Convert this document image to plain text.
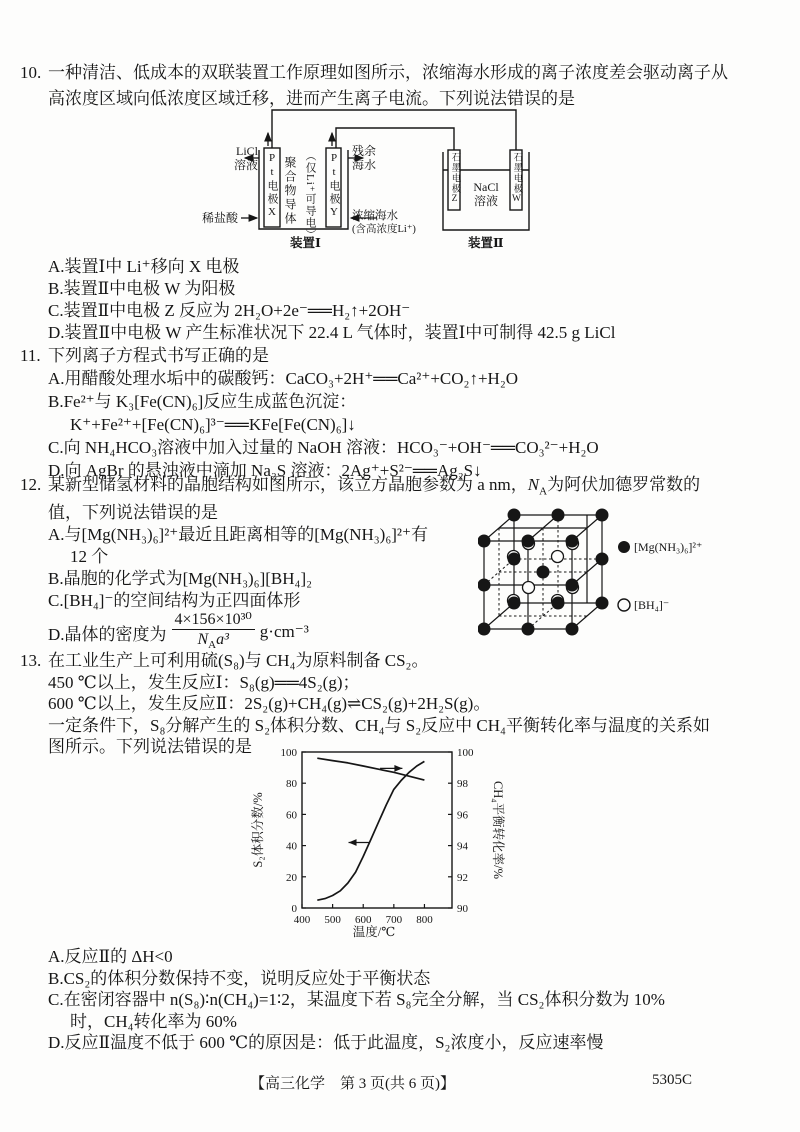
10. 一种清洁、低成本的双联装置工作原理如图所示，浓缩海水形成的离子浓度差会驱动离子从
高浓度区域向低浓度区域迁移，进而产生离子电流。下列说法错误的是
LiCl
溶液
稀盐酸	Pt电极X 聚合物导体 （仅Li⁺可导电） Pt电极Y
残余
海水
浓缩海水
(含高浓度Li⁺)
装置Ⅰ
石墨电极Z	NaCl
溶液	石墨电极W
装置Ⅱ
A.装置Ⅰ中 Li⁺移向 X 电极
B.装置Ⅱ中电极 W 为阳极
C.装置Ⅱ中电极 Z 反应为 2H₂O+2e⁻══H₂↑+2OH⁻
D.装置Ⅱ中电极 W 产生标准状况下 22.4 L 气体时，装置Ⅰ中可制得 42.5 g LiCl
11. 下列离子方程式书写正确的是
A.用醋酸处理水垢中的碳酸钙：CaCO₃+2H⁺══Ca²⁺+CO₂↑+H₂O
B.Fe²⁺与 K₃[Fe(CN)₆]反应生成蓝色沉淀：
K⁺+Fe²⁺+[Fe(CN)₆]³⁻══KFe[Fe(CN)₆]↓
C.向 NH₄HCO₃溶液中加入过量的 NaOH 溶液：HCO₃⁻+OH⁻══CO₃²⁻+H₂O
D.向 AgBr 的悬浊液中滴加 Na₂S 溶液：2Ag⁺+S²⁻══Ag₂S↓
12. 某新型储氢材料的晶胞结构如图所示，该立方晶胞参数为 a nm，$N_A$为阿伏加德罗常数的
值，下列说法错误的是
A.与[Mg(NH₃)₆]²⁺最近且距离相等的[Mg(NH₃)₆]²⁺有
12 个
B.晶胞的化学式为[Mg(NH₃)₆][BH₄]₂
C.[BH₄]⁻的空间结构为正四面体形
D.晶体的密度为 $\frac{\text{4×156×10³⁰}}{N_Aa^3} g\cdot cm^{-3}$
[Mg(NH₃)₆]²⁺
[BH₄]⁻
13. 在工业生产上可利用硫(S₈)与 CH₄为原料制备 CS₂。
450 ℃以上，发生反应Ⅰ：S₈(g)══4S₂(g)；
600 ℃以上，发生反应Ⅱ：2S₂(g)+CH₄(g)⇌CS₂(g)+2H₂S(g)。
一定条件下，S₈分解产生的 S₂体积分数、CH₄与 S₂反应中 CH₄平衡转化率与温度的关系如
图所示。下列说法错误的是
S₂体积分数/%	CH₄平衡转化率/%
温度/℃
400 500 600 700 800
0
20
40
60
80
100
90
92
94
96
98
100
A.反应Ⅱ的 ΔH<0
B.CS₂的体积分数保持不变，说明反应处于平衡状态
C.在密闭容器中 n(S₈)∶n(CH₄)=1∶2，某温度下若 S₈完全分解，当 CS₂体积分数为 10%
时，CH₄转化率为 60%
D.反应Ⅱ温度不低于 600 ℃的原因是：低于此温度，S₂浓度小，反应速率慢
【高三化学　第 3 页(共 6 页)】	5305C
